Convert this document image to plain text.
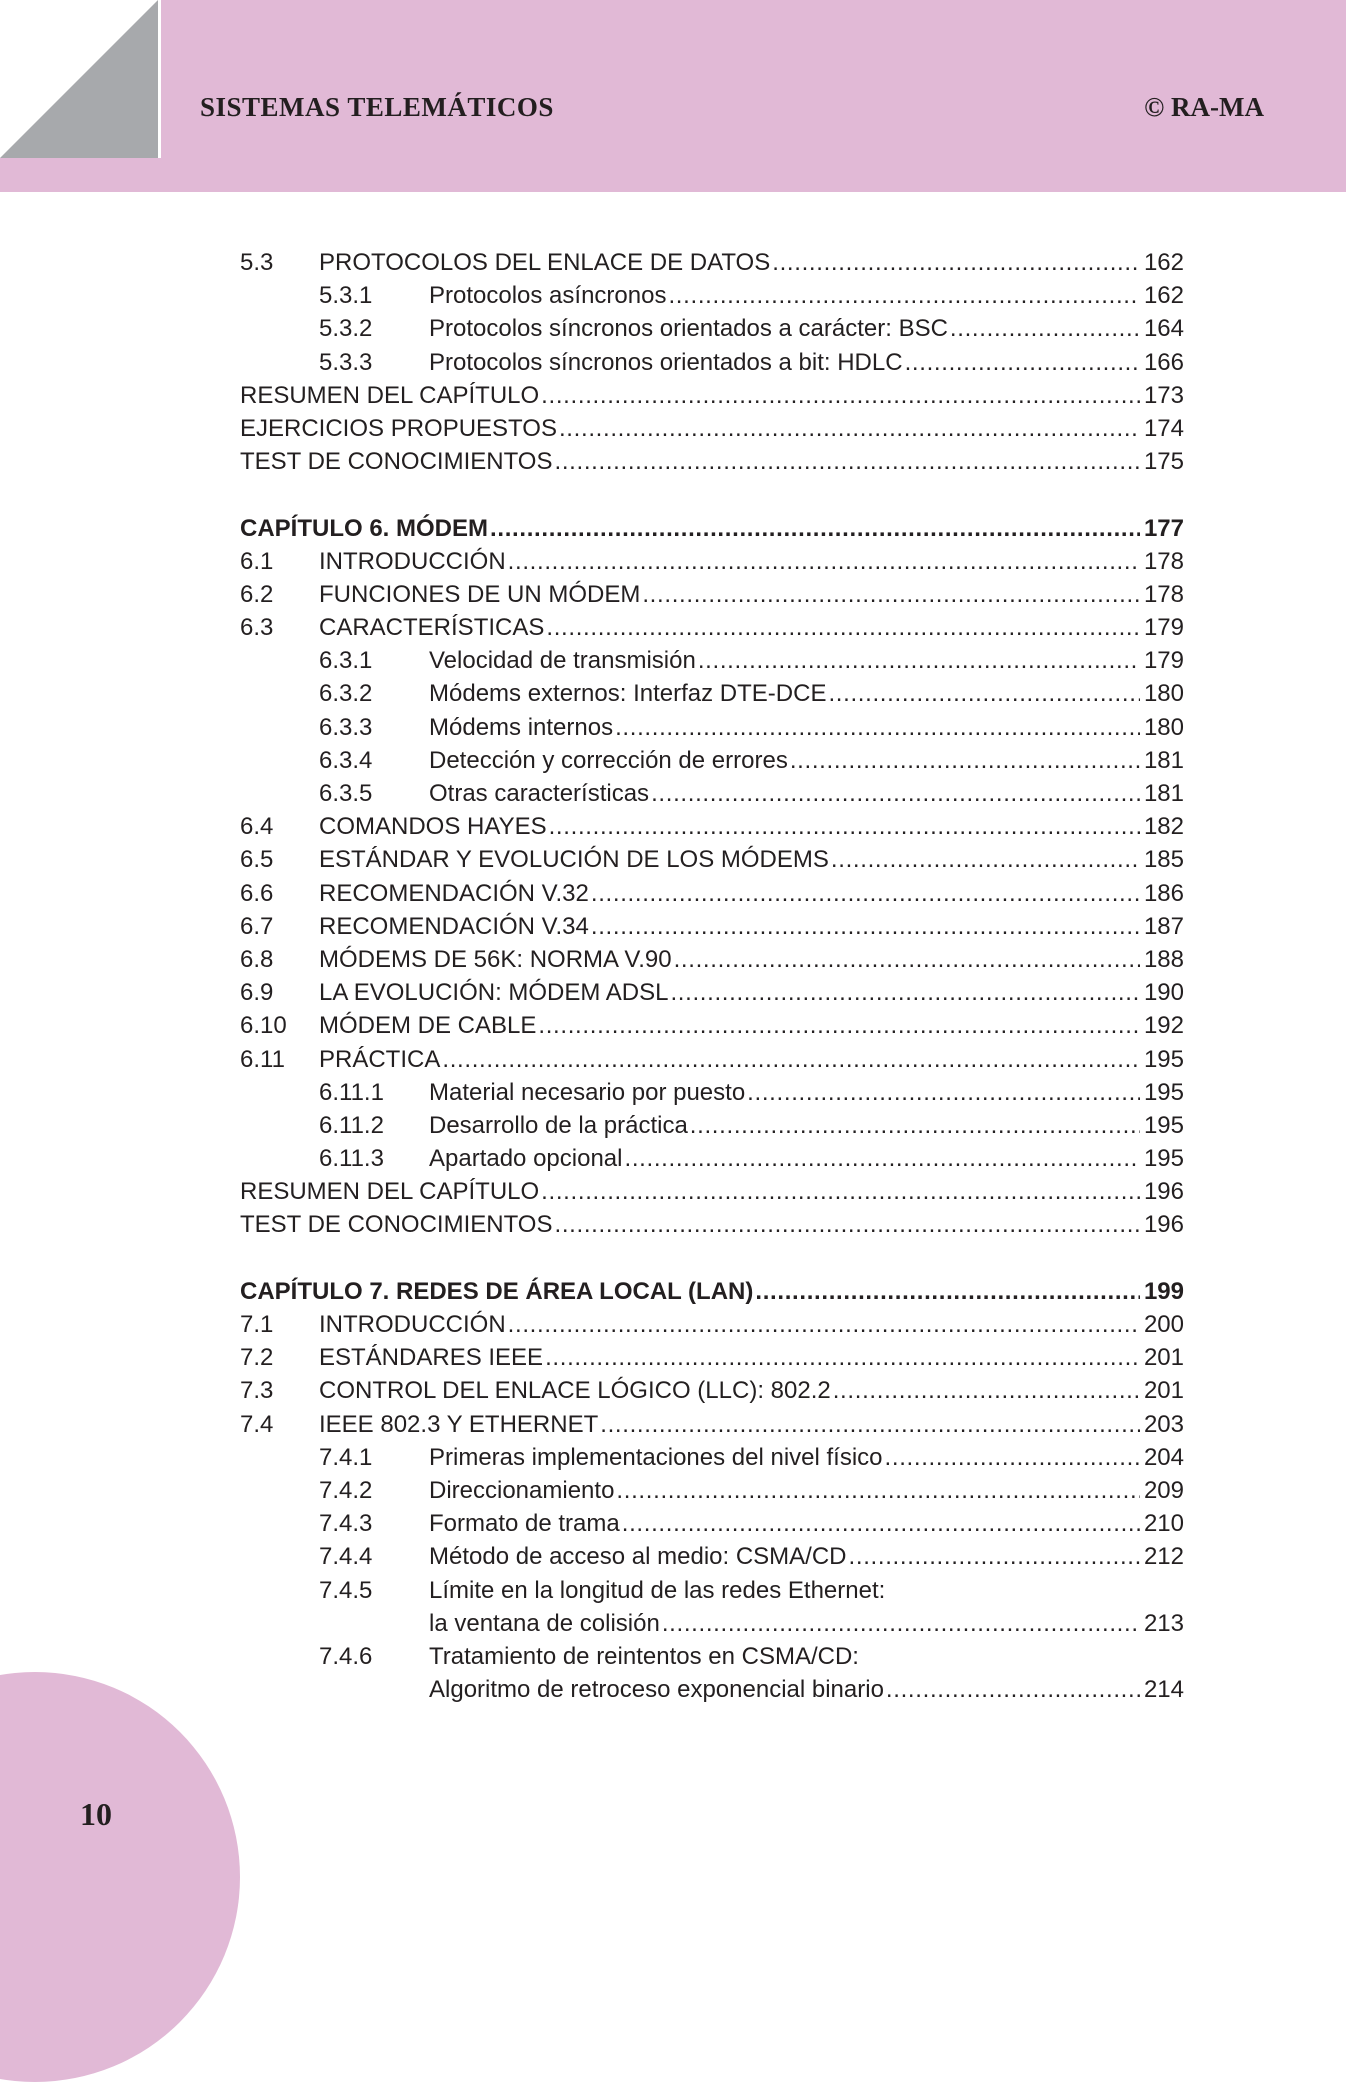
SISTEMAS TELEMÁTICOS	© RA-MA
5.3 PROTOCOLOS DEL ENLACE DE DATOS . . .	162
5.3.1 Protocolos asíncronos . . .	162
5.3.2 Protocolos síncronos orientados a carácter: BSC . . .	164
5.3.3 Protocolos síncronos orientados a bit: HDLC . . .	166
RESUMEN DEL CAPÍTULO . . .	173
EJERCICIOS PROPUESTOS . . .	174
TEST DE CONOCIMIENTOS . . .	175
CAPÍTULO 6. MÓDEM . . .	177
6.1 INTRODUCCIÓN . . .	178
6.2 FUNCIONES DE UN MÓDEM . . .	178
6.3 CARACTERÍSTICAS . . .	179
6.3.1 Velocidad de transmisión . . .	179
6.3.2 Módems externos: Interfaz DTE-DCE . . .	180
6.3.3 Módems internos . . .	180
6.3.4 Detección y corrección de errores . . .	181
6.3.5 Otras características . . .	181
6.4 COMANDOS HAYES . . .	182
6.5 ESTÁNDAR Y EVOLUCIÓN DE LOS MÓDEMS . . .	185
6.6 RECOMENDACIÓN V.32 . . .	186
6.7 RECOMENDACIÓN V.34 . . .	187
6.8 MÓDEMS DE 56K: NORMA V.90 . . .	188
6.9 LA EVOLUCIÓN: MÓDEM ADSL . . .	190
6.10 MÓDEM DE CABLE . . .	192
6.11 PRÁCTICA . . .	195
6.11.1 Material necesario por puesto . . .	195
6.11.2 Desarrollo de la práctica . . .	195
6.11.3 Apartado opcional . . .	195
RESUMEN DEL CAPÍTULO . . .	196
TEST DE CONOCIMIENTOS . . .	196
CAPÍTULO 7. REDES DE ÁREA LOCAL (LAN) . . .	199
7.1 INTRODUCCIÓN . . .	200
7.2 ESTÁNDARES IEEE . . .	201
7.3 CONTROL DEL ENLACE LÓGICO (LLC): 802.2 . . .	201
7.4 IEEE 802.3 Y ETHERNET . . .	203
7.4.1 Primeras implementaciones del nivel físico . . .	204
7.4.2 Direccionamiento . . .	209
7.4.3 Formato de trama . . .	210
7.4.4 Método de acceso al medio: CSMA/CD . . .	212
7.4.5 Límite en la longitud de las redes Ethernet:
la ventana de colisión . . .	213
7.4.6 Tratamiento de reintentos en CSMA/CD:
Algoritmo de retroceso exponencial binario . . .	214
10
